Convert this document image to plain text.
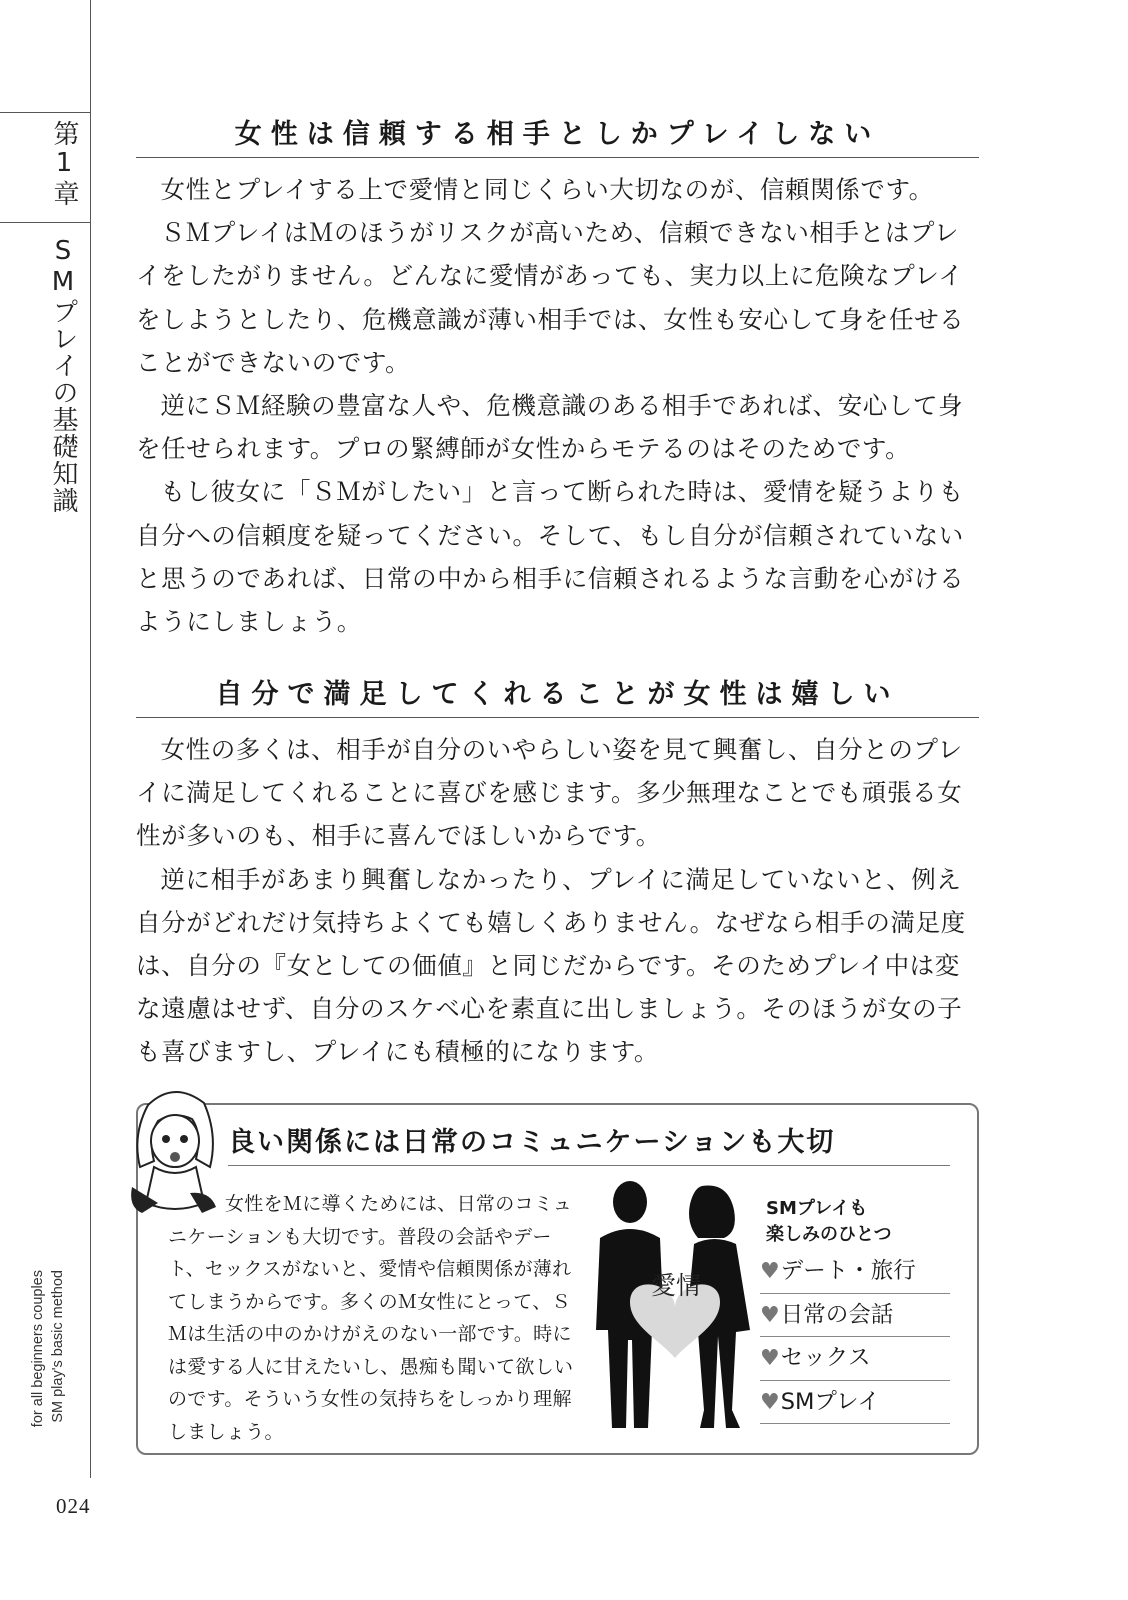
第1章
SMプレイの基礎知識
SM play's basic method
for all beginners couples
024
女性は信頼する相手としかプレイしない

女性とプレイする上で愛情と同じくらい大切なのが、信頼関係です。

ＳＭプレイはＭのほうがリスクが高いため、信頼できない相手とはプレイをしたがりません。どんなに愛情があっても、実力以上に危険なプレイをしようとしたり、危機意識が薄い相手では、女性も安心して身を任せることができないのです。

逆にＳＭ経験の豊富な人や、危機意識のある相手であれば、安心して身を任せられます。プロの緊縛師が女性からモテるのはそのためです。

もし彼女に「ＳＭがしたい」と言って断られた時は、愛情を疑うよりも自分への信頼度を疑ってください。そして、もし自分が信頼されていないと思うのであれば、日常の中から相手に信頼されるような言動を心がけるようにしましょう。

自分で満足してくれることが女性は嬉しい

女性の多くは、相手が自分のいやらしい姿を見て興奮し、自分とのプレイに満足してくれることに喜びを感じます。多少無理なことでも頑張る女性が多いのも、相手に喜んでほしいからです。

逆に相手があまり興奮しなかったり、プレイに満足していないと、例え自分がどれだけ気持ちよくても嬉しくありません。なぜなら相手の満足度は、自分の『女としての価値』と同じだからです。そのためプレイ中は変な遠慮はせず、自分のスケベ心を素直に出しましょう。そのほうが女の子も喜びますし、プレイにも積極的になります。

良い関係には日常のコミュニケーションも大切

女性をＭに導くためには、日常のコミュニケーションも大切です。普段の会話やデート、セックスがないと、愛情や信頼関係が薄れてしまうからです。多くのＭ女性にとって、ＳＭは生活の中のかけがえのない一部です。時には愛する人に甘えたいし、愚痴も聞いて欲しいのです。そういう女性の気持ちをしっかり理解しましょう。

愛情
SMプレイも
楽しみのひとつ
♥デート・旅行
♥日常の会話
♥セックス
♥SMプレイ
